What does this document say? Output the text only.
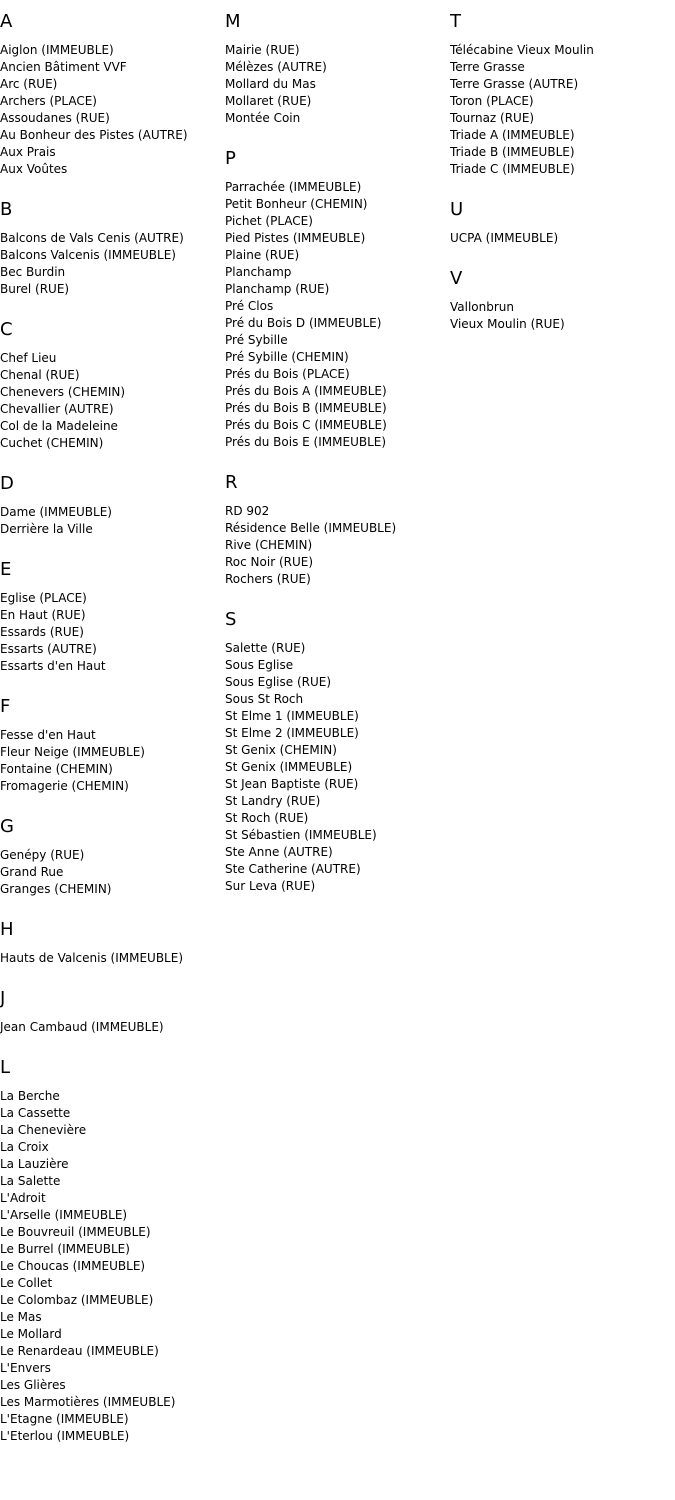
A
Aiglon (IMMEUBLE)
Ancien Bâtiment VVF
Arc (RUE)
Archers (PLACE)
Assoudanes (RUE)
Au Bonheur des Pistes (AUTRE)
Aux Prais
Aux Voûtes
B
Balcons de Vals Cenis (AUTRE)
Balcons Valcenis (IMMEUBLE)
Bec Burdin
Burel (RUE)
C
Chef Lieu
Chenal (RUE)
Chenevers (CHEMIN)
Chevallier (AUTRE)
Col de la Madeleine
Cuchet (CHEMIN)
D
Dame (IMMEUBLE)
Derrière la Ville
E
Eglise (PLACE)
En Haut (RUE)
Essards (RUE)
Essarts (AUTRE)
Essarts d'en Haut
F
Fesse d'en Haut
Fleur Neige (IMMEUBLE)
Fontaine (CHEMIN)
Fromagerie (CHEMIN)
G
Genépy (RUE)
Grand Rue
Granges (CHEMIN)
H
Hauts de Valcenis (IMMEUBLE)
J
Jean Cambaud (IMMEUBLE)
L
La Berche
La Cassette
La Chenevière
La Croix
La Lauzière
La Salette
L'Adroit
L'Arselle (IMMEUBLE)
Le Bouvreuil (IMMEUBLE)
Le Burrel (IMMEUBLE)
Le Choucas (IMMEUBLE)
Le Collet
Le Colombaz (IMMEUBLE)
Le Mas
Le Mollard
Le Renardeau (IMMEUBLE)
L'Envers
Les Glières
Les Marmotières (IMMEUBLE)
L'Etagne (IMMEUBLE)
L'Eterlou (IMMEUBLE)
M
Mairie (RUE)
Mélèzes (AUTRE)
Mollard du Mas
Mollaret (RUE)
Montée Coin
P
Parrachée (IMMEUBLE)
Petit Bonheur (CHEMIN)
Pichet (PLACE)
Pied Pistes (IMMEUBLE)
Plaine (RUE)
Planchamp
Planchamp (RUE)
Pré Clos
Pré du Bois D (IMMEUBLE)
Pré Sybille
Pré Sybille (CHEMIN)
Prés du Bois (PLACE)
Prés du Bois A (IMMEUBLE)
Prés du Bois B (IMMEUBLE)
Prés du Bois C (IMMEUBLE)
Prés du Bois E (IMMEUBLE)
R
RD 902
Résidence Belle (IMMEUBLE)
Rive (CHEMIN)
Roc Noir (RUE)
Rochers (RUE)
S
Salette (RUE)
Sous Eglise
Sous Eglise (RUE)
Sous St Roch
St Elme 1 (IMMEUBLE)
St Elme 2 (IMMEUBLE)
St Genix (CHEMIN)
St Genix (IMMEUBLE)
St Jean Baptiste (RUE)
St Landry (RUE)
St Roch (RUE)
St Sébastien (IMMEUBLE)
Ste Anne (AUTRE)
Ste Catherine (AUTRE)
Sur Leva (RUE)
T
Télécabine Vieux Moulin
Terre Grasse
Terre Grasse (AUTRE)
Toron (PLACE)
Tournaz (RUE)
Triade A (IMMEUBLE)
Triade B (IMMEUBLE)
Triade C (IMMEUBLE)
U
UCPA (IMMEUBLE)
V
Vallonbrun
Vieux Moulin (RUE)
